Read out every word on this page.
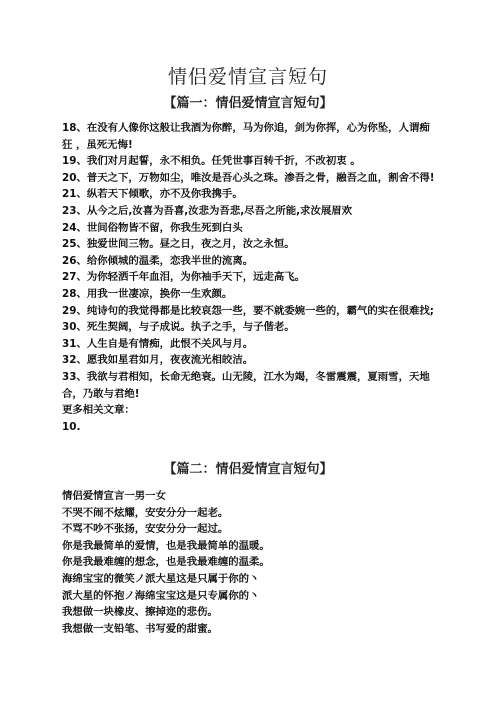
情侣爱情宣言短句
【篇一：情侣爱情宣言短句】
18、在没有人像你这般让我酒为你醉，马为你追，剑为你挥，心为你坠，人谓痴狂 ，虽死无悔!
19、我们对月起誓，永不相负。任凭世事百转千折，不改初衷 。
20、普天之下，万物如尘，唯汝是吾心头之珠。渗吾之骨，融吾之血，割舍不得!
21、纵若天下倾歌，亦不及你我携手。
23、从今之后,汝喜为吾喜,汝悲为吾悲,尽吾之所能,求汝展眉欢
24、世间俗物皆不留，你我生死到白头
25、独爱世间三物。昼之日，夜之月，汝之永恒。
26、给你倾城的温柔，恋我半世的流离。
27、为你轻洒千年血泪，为你袖手天下，远走高飞。
28、用我一世凄凉，换你一生欢颜。
29、纯诗句的我觉得都是比较哀怨一些，要不就委婉一些的，霸气的实在很难找;
30、死生契阔，与子成说。执子之手，与子偕老。
31、人生自是有情痴，此恨不关风与月。
32、愿我如星君如月，夜夜流光相皎洁。
33、我欲与君相知，长命无绝衰。山无陵，江水为竭，冬雷震震，夏雨雪，天地合，乃敢与君绝!
更多相关文章：
10.
【篇二：情侣爱情宣言短句】
情侣爱情宣言一男一女
不哭不闹不炫耀，安安分分一起老。
不骂不吵不张扬，安安分分一起过。
你是我最简单的爱情，也是我最简单的温暖。
你是我最难缠的想念，也是我最难缠的温柔。
海绵宝宝的微笑ノ派大星这是只属于你的丶
派大星的怀抱ノ海绵宝宝这是只专属你的丶
我想做一块橡皮、擦掉迩的悲伤。
我想做一支铅笔、书写爱的甜蜜。
